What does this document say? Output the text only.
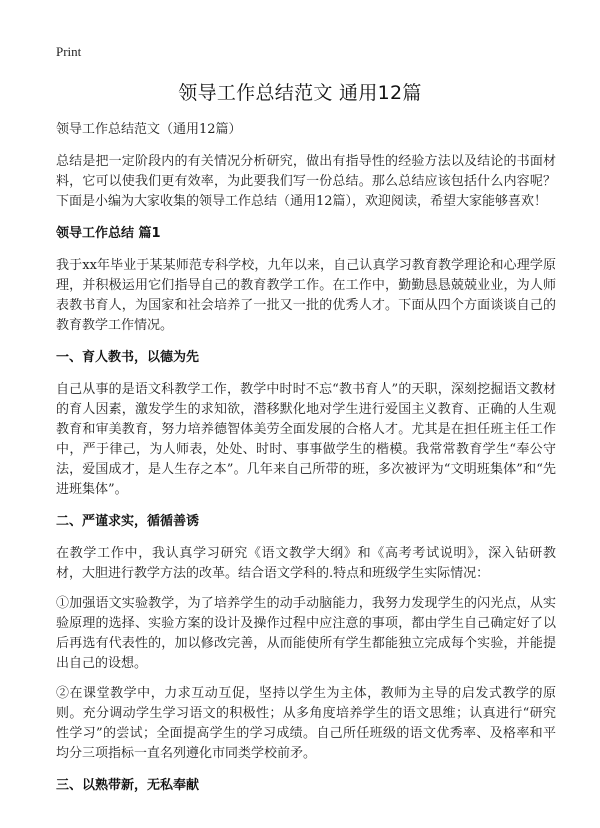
Print
领导工作总结范文 通用12篇
领导工作总结范文（通用12篇）
总结是把一定阶段内的有关情况分析研究，做出有指导性的经验方法以及结论的书面材料，它可以使我们更有效率，为此要我们写一份总结。那么总结应该包括什么内容呢？下面是小编为大家收集的领导工作总结（通用12篇），欢迎阅读，希望大家能够喜欢！
领导工作总结 篇1
我于xx年毕业于某某师范专科学校，九年以来，自己认真学习教育教学理论和心理学原理，并积极运用它们指导自己的教育教学工作。在工作中，勤勤恳恳兢兢业业，为人师表教书育人，为国家和社会培养了一批又一批的优秀人才。下面从四个方面谈谈自己的教育教学工作情况。
一、育人教书，以德为先
自己从事的是语文科教学工作，教学中时时不忘“教书育人”的天职，深刻挖掘语文教材的育人因素，激发学生的求知欲，潜移默化地对学生进行爱国主义教育、正确的人生观教育和审美教育，努力培养德智体美劳全面发展的合格人才。尤其是在担任班主任工作中，严于律己，为人师表，处处、时时、事事做学生的楷模。我常常教育学生“奉公守法，爱国成才，是人生存之本”。几年来自己所带的班，多次被评为“文明班集体”和“先进班集体”。
二、严谨求实，循循善诱
在教学工作中，我认真学习研究《语文教学大纲》和《高考考试说明》，深入钻研教材，大胆进行教学方法的改革。结合语文学科的.特点和班级学生实际情况：
①加强语文实验教学，为了培养学生的动手动脑能力，我努力发现学生的闪光点，从实验原理的选择、实验方案的设计及操作过程中应注意的事项，都由学生自己确定好了以后再选有代表性的，加以修改完善，从而能使所有学生都能独立完成每个实验，并能提出自己的设想。
②在课堂教学中，力求互动互促，坚持以学生为主体，教师为主导的启发式教学的原则。充分调动学生学习语文的积极性；从多角度培养学生的语文思维；认真进行“研究性学习”的尝试；全面提高学生的学习成绩。自己所任班级的语文优秀率、及格率和平均分三项指标一直名列遵化市同类学校前矛。
三、以熟带新，无私奉献
